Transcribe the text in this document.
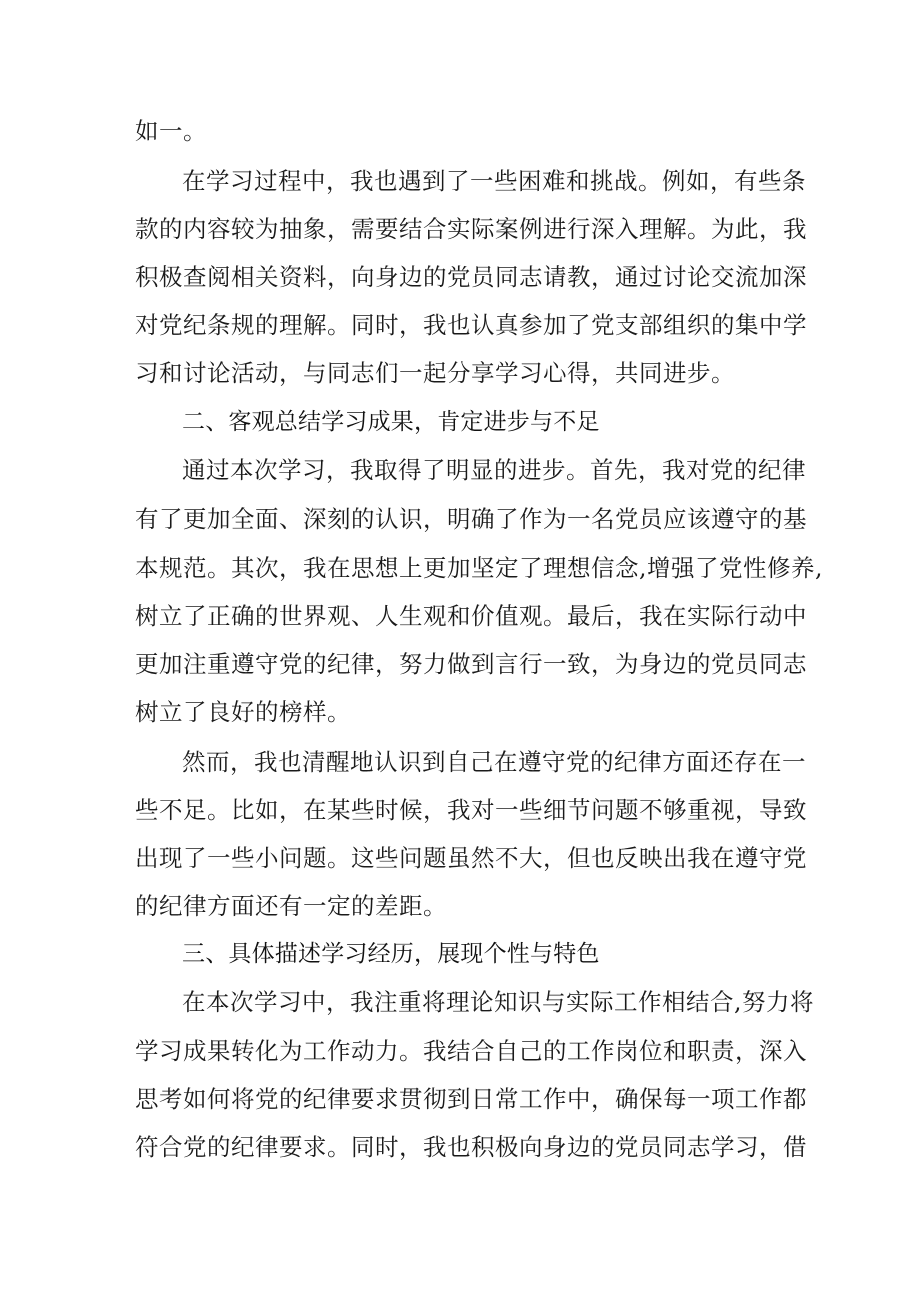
如一。
在学习过程中，我也遇到了一些困难和挑战。例如，有些条
款的内容较为抽象，需要结合实际案例进行深入理解。为此，我
积极查阅相关资料，向身边的党员同志请教，通过讨论交流加深
对党纪条规的理解。同时，我也认真参加了党支部组织的集中学
习和讨论活动，与同志们一起分享学习心得，共同进步。
二、客观总结学习成果，肯定进步与不足
通过本次学习，我取得了明显的进步。首先，我对党的纪律
有了更加全面、深刻的认识，明确了作为一名党员应该遵守的基
本规范。其次，我在思想上更加坚定了理想信念,增强了党性修养,
树立了正确的世界观、人生观和价值观。最后，我在实际行动中
更加注重遵守党的纪律，努力做到言行一致，为身边的党员同志
树立了良好的榜样。
然而，我也清醒地认识到自己在遵守党的纪律方面还存在一
些不足。比如，在某些时候，我对一些细节问题不够重视，导致
出现了一些小问题。这些问题虽然不大，但也反映出我在遵守党
的纪律方面还有一定的差距。
三、具体描述学习经历，展现个性与特色
在本次学习中，我注重将理论知识与实际工作相结合,努力将
学习成果转化为工作动力。我结合自己的工作岗位和职责，深入
思考如何将党的纪律要求贯彻到日常工作中，确保每一项工作都
符合党的纪律要求。同时，我也积极向身边的党员同志学习，借
